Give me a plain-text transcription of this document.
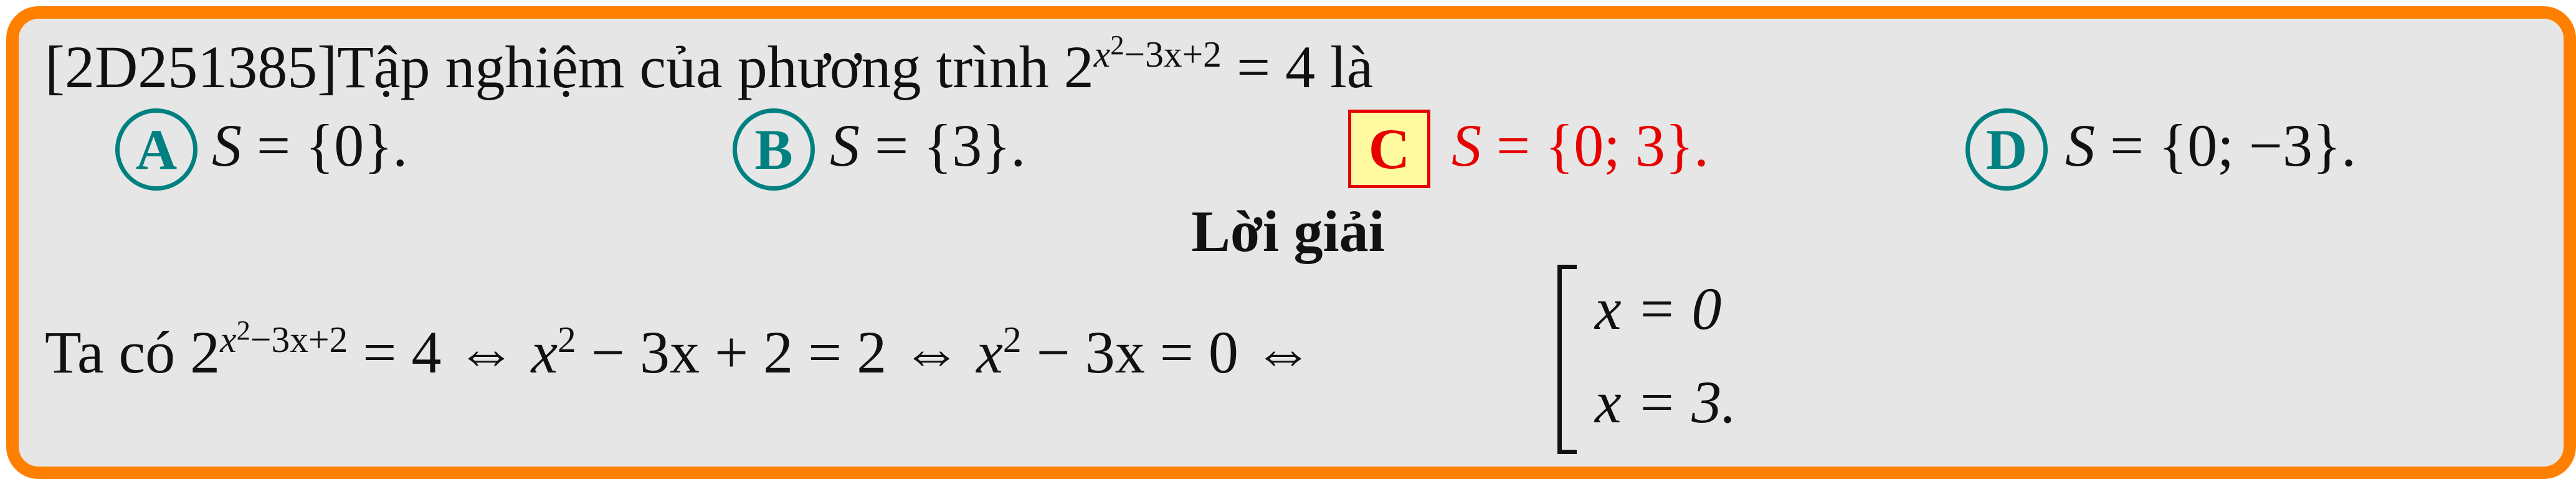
[2D251385]Tập nghiệm của phương trình $2^{x^2-3x+2} = 4$ là
A S = {0}.	B S = {3}.	C S = {0; 3}.	D S = {0; −3}.
Lời giải
Ta có $2^{x^2-3x+2} = 4$ ⇔ $x^2 - 3x + 2 = 2$ ⇔ $x^2 - 3x = 0$ ⇔
x = 0
x = 3.
